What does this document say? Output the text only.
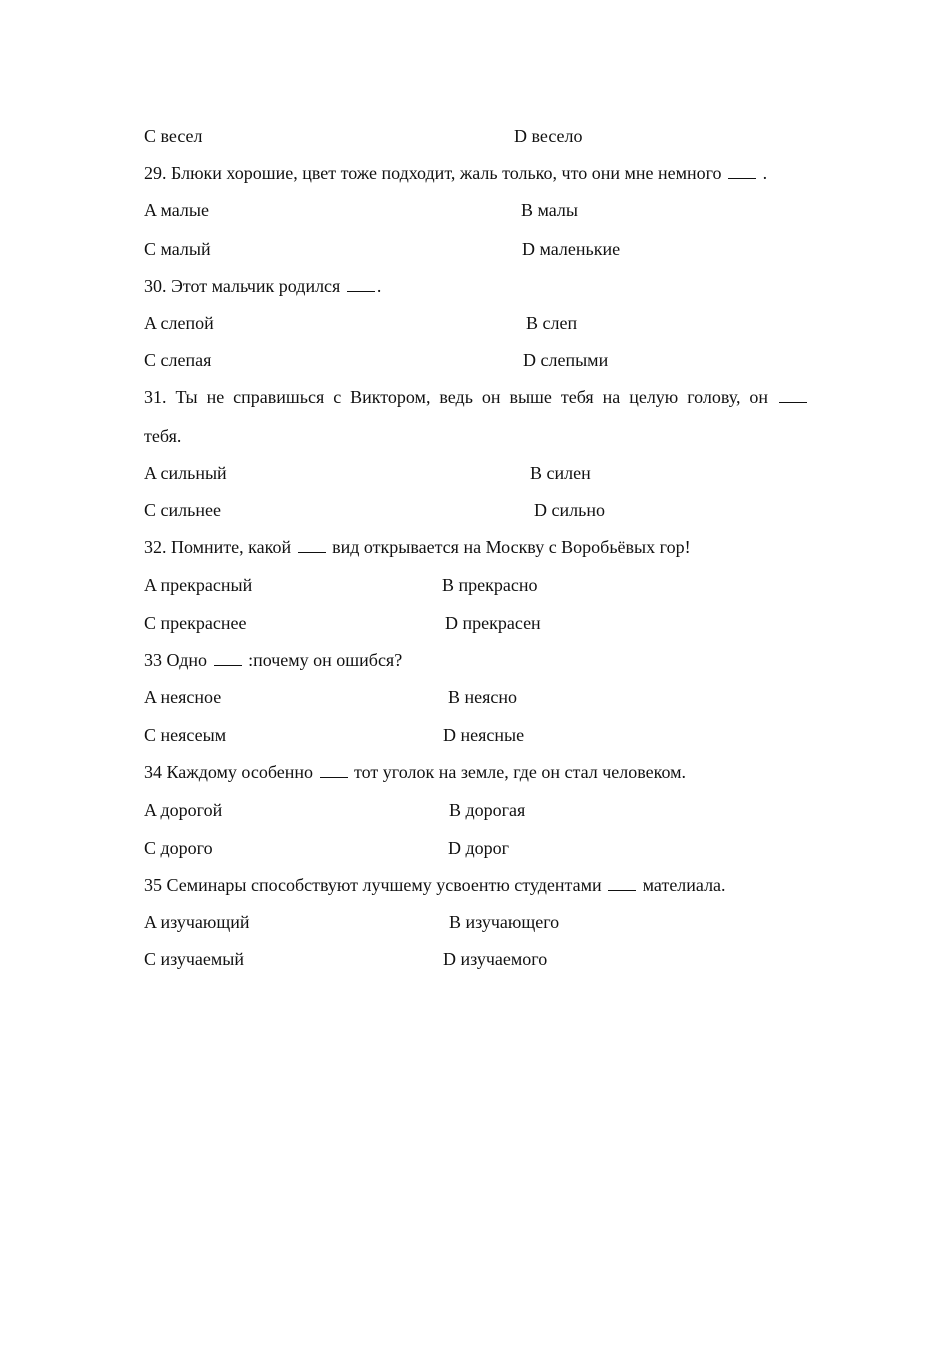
C весел	D весело
29. Блюки хорошие, цвет тоже подходит, жаль только, что они мне немного .
A малые	B малы
C малый	D маленькие
30. Этот мальчик родился .
A слепой	B слеп
C слепая	D слепыми
31. Ты не справишься с Виктором, ведь он выше тебя на целую голову, он
тебя.
A сильный	B силен
C сильнее	D сильно
32. Помните, какой вид открывается на Москву с Воробьёвых гор!
A прекрасный	B прекрасно
C прекраснее	D прекрасен
33 Одно :почему он ошибся?
A неясное	B неясно
C неясеым	D неясные
34 Каждому особенно тот уголок на земле, где он стал человеком.
A дорогой	B дорогая
C дорого	D дорог
35 Семинары способствуют лучшему усвоентю студентами мателиала.
A изучающий	B изучающего
C изучаемый	D изучаемого
